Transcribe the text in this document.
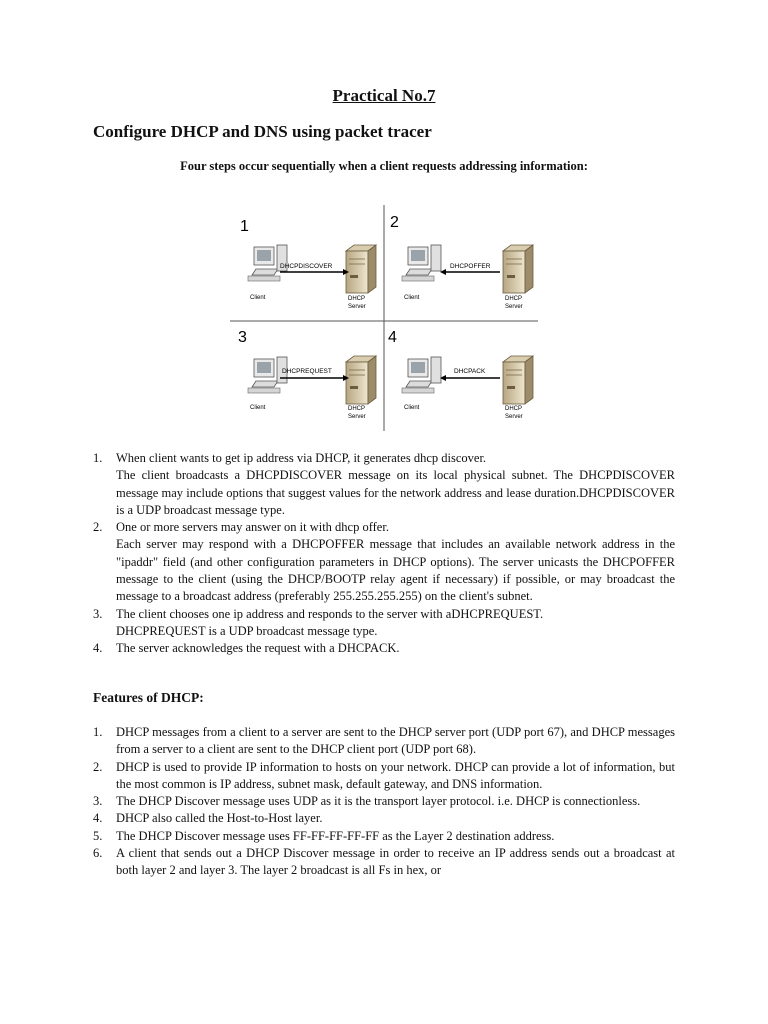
Practical No.7
Configure DHCP and DNS using packet tracer
Four steps occur sequentially when a client requests addressing information:
1
DHCPDISCOVER
Client	DHCP
Server
2
DHCPOFFER
Client	DHCP
Server
3
DHCPREQUEST
Client	DHCP
Server
4
DHCPACK
Client	DHCP
Server
1. When client wants to get ip address via DHCP, it generates dhcp discover.
The client broadcasts a DHCPDISCOVER message on its local physical subnet. The DHCPDISCOVER message may include options that suggest values for the network address and lease duration.DHCPDISCOVER is a UDP broadcast message type.
2. One or more servers may answer on it with dhcp offer.
Each server may respond with a DHCPOFFER message that includes an available network address in the "ipaddr" field (and other configuration parameters in DHCP options). The server unicasts the DHCPOFFER message to the client (using the DHCP/BOOTP relay agent if necessary) if possible, or may broadcast the message to a broadcast address (preferably 255.255.255.255) on the client's subnet.
3. The client chooses one ip address and responds to the server with aDHCPREQUEST.
DHCPREQUEST is a UDP broadcast message type.
4. The server acknowledges the request with a DHCPACK.
Features of DHCP:
1. DHCP messages from a client to a server are sent to the DHCP server port (UDP port 67), and DHCP messages from a server to a client are sent to the DHCP client port (UDP port 68).
2. DHCP is used to provide IP information to hosts on your network. DHCP can provide a lot of information, but the most common is IP address, subnet mask, default gateway, and DNS information.
3. The DHCP Discover message uses UDP as it is the transport layer protocol. i.e. DHCP is connectionless.
4. DHCP also called the Host-to-Host layer.
5. The DHCP Discover message uses FF-FF-FF-FF-FF as the Layer 2 destination address.
6. A client that sends out a DHCP Discover message in order to receive an IP address sends out a broadcast at both layer 2 and layer 3. The layer 2 broadcast is all Fs in hex, or
